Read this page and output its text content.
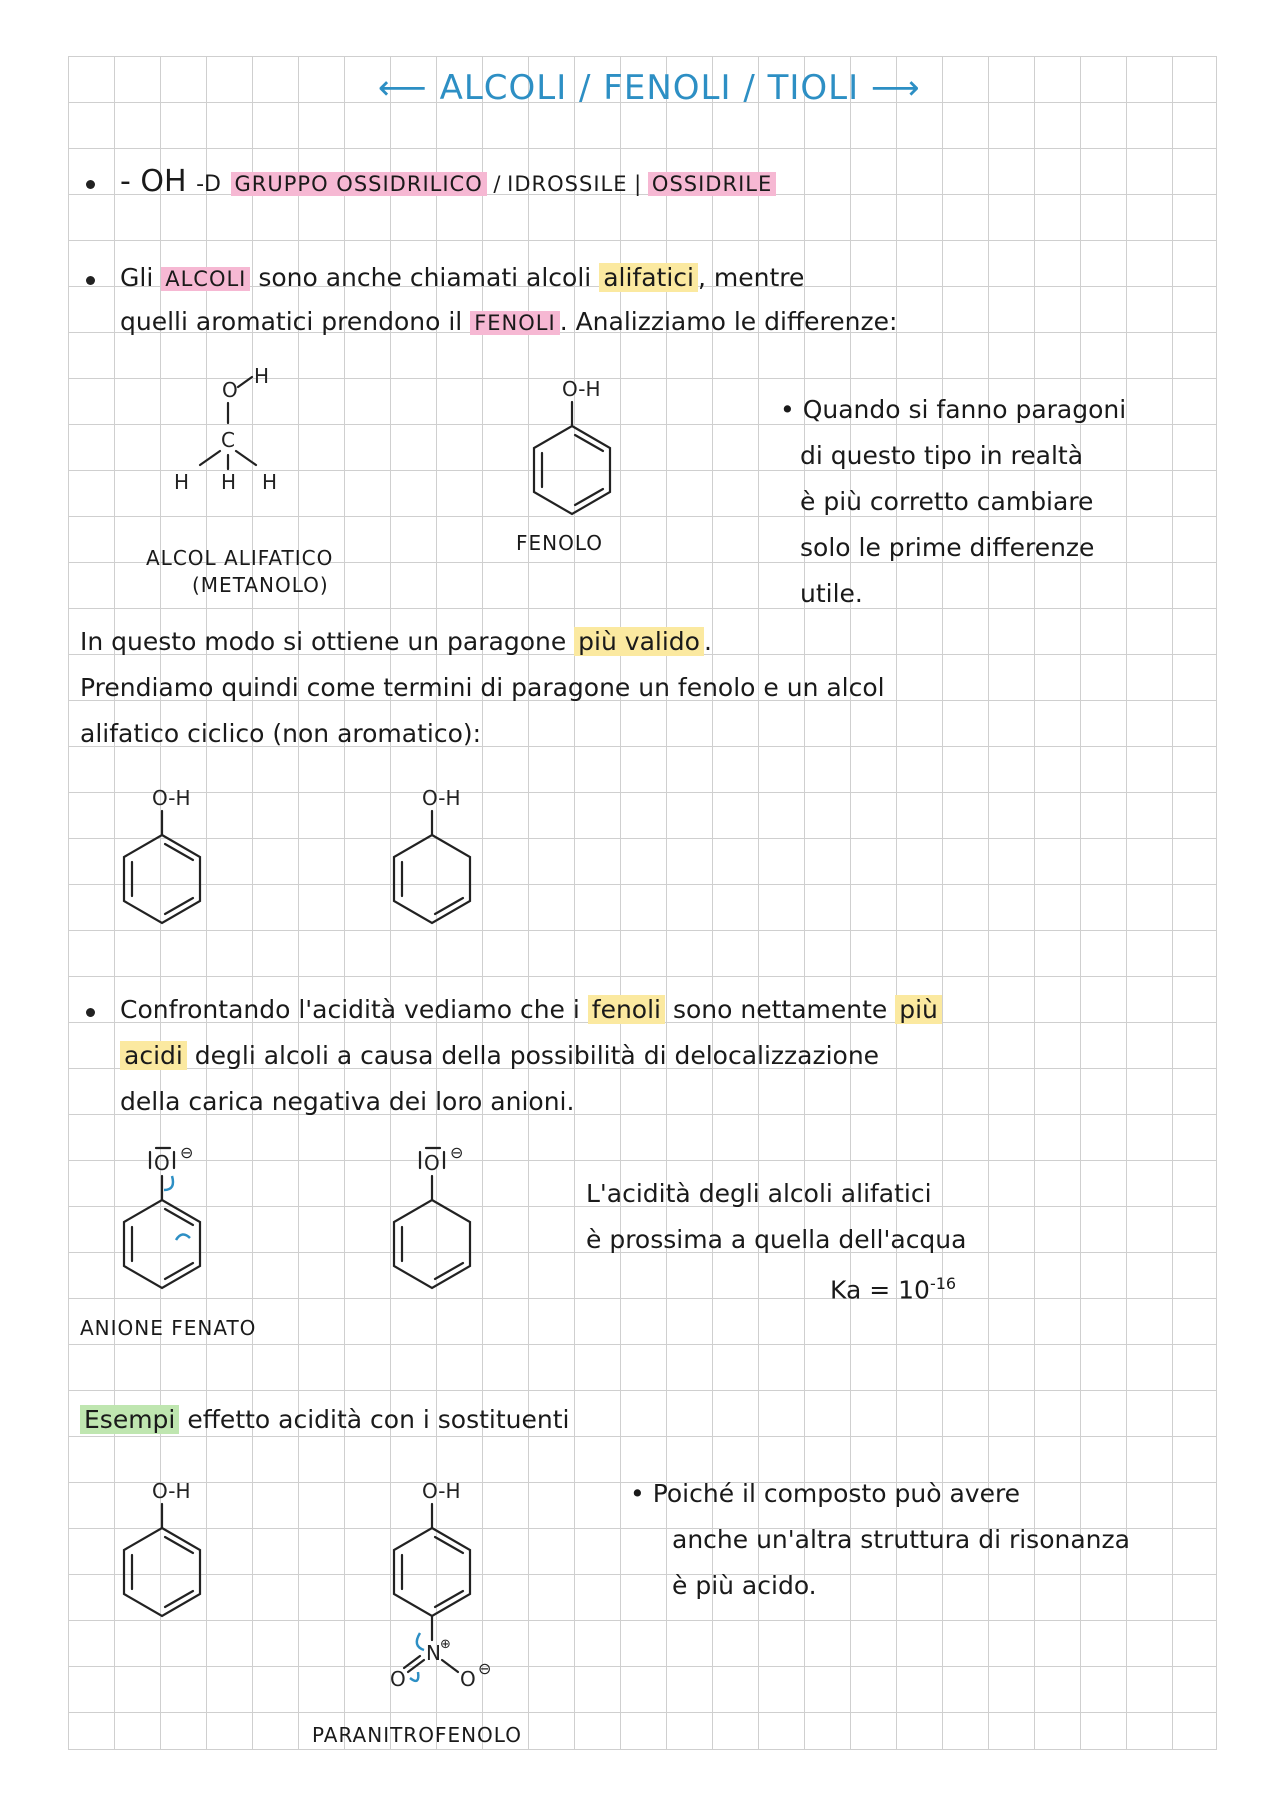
⟵ ALCOLI / FENOLI / TIOLI ⟶
- OH -D GRUPPO OSSIDRILICO / IDROSSILE | OSSIDRILE
Gli ALCOLI sono anche chiamati alcoli alifatici , mentre
quelli aromatici prendono il FENOLI . Analizziamo le differenze:
O
H
C
H H H
ALCOL ALIFATICO
(METANOLO)
O-H
FENOLO
• Quando si fanno paragoni
di questo tipo in realtà
è più corretto cambiare
solo le prime differenze
utile.
In questo modo si ottiene un paragone più valido .
Prendiamo quindi come termini di paragone un fenolo e un alcol
alifatico ciclico (non aromatico):
O-H	O-H
Confrontando l'acidità vediamo che i fenoli sono nettamente più
acidi degli alcoli a causa della possibilità di delocalizzazione
della carica negativa dei loro anioni.
O ⊖	O ⊖
ANIONE FENATO
L'acidità degli alcoli alifatici
è prossima a quella dell'acqua
$Ka = 10^{-16}$
Esempi effetto acidità con i sostituenti
O-H	O-H
N ⊕
O	O ⊖
PARANITROFENOLO
• Poiché il composto può avere
anche un'altra struttura di risonanza
è più acido.
